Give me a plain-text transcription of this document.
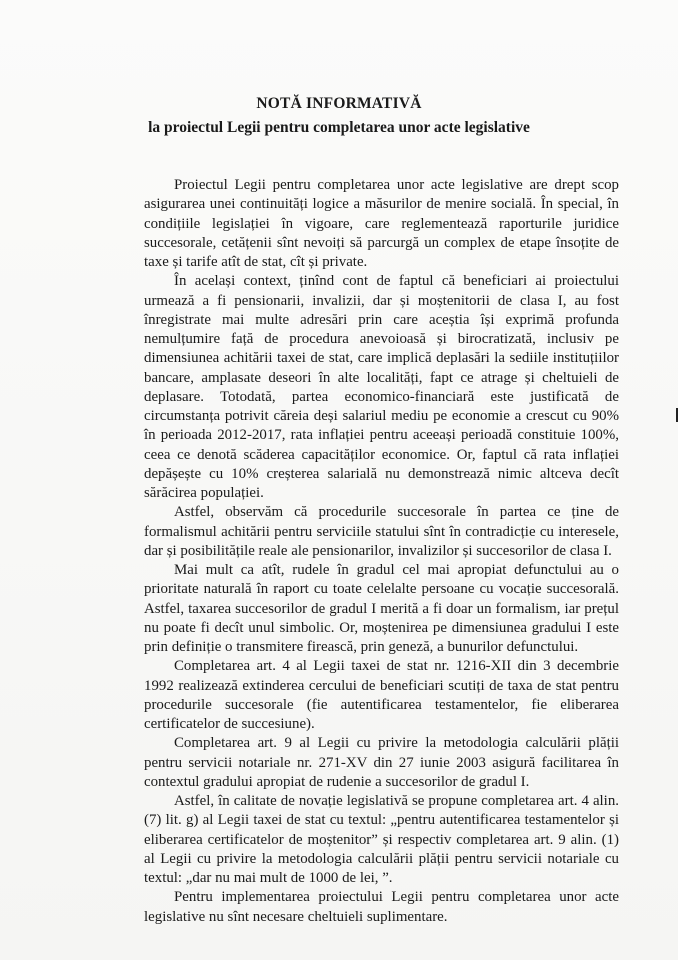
NOTĂ INFORMATIVĂ
la proiectul Legii pentru completarea unor acte legislative

Proiectul Legii pentru completarea unor acte legislative are drept scop asigurarea unei continuități logice a măsurilor de menire socială. În special, în condițiile legislației în vigoare, care reglementează raporturile juridice succesorale, cetățenii sînt nevoiți să parcurgă un complex de etape însoțite de taxe și tarife atît de stat, cît și private.

În același context, ținînd cont de faptul că beneficiari ai proiectului urmează a fi pensionarii, invalizii, dar și moștenitorii de clasa I, au fost înregistrate mai multe adresări prin care aceștia își exprimă profunda nemulțumire față de procedura anevoioasă și birocratizată, inclusiv pe dimensiunea achitării taxei de stat, care implică deplasări la sediile instituțiilor bancare, amplasate deseori în alte localități, fapt ce atrage și cheltuieli de deplasare. Totodată, partea economico-financiară este justificată de circumstanța potrivit căreia deși salariul mediu pe economie a crescut cu 90% în perioada 2012-2017, rata inflației pentru aceeași perioadă constituie 100%, ceea ce denotă scăderea capacităților economice. Or, faptul că rata inflației depășește cu 10% creșterea salarială nu demonstrează nimic altceva decît sărăcirea populației.

Astfel, observăm că procedurile succesorale în partea ce ține de formalismul achitării pentru serviciile statului sînt în contradicție cu interesele, dar și posibilitățile reale ale pensionarilor, invalizilor și succesorilor de clasa I.

Mai mult ca atît, rudele în gradul cel mai apropiat defunctului au o prioritate naturală în raport cu toate celelalte persoane cu vocație succesorală. Astfel, taxarea succesorilor de gradul I merită a fi doar un formalism, iar prețul nu poate fi decît unul simbolic. Or, moștenirea pe dimensiunea gradului I este prin definiție o transmitere firească, prin geneză, a bunurilor defunctului.

Completarea art. 4 al Legii taxei de stat nr. 1216-XII din 3 decembrie 1992 realizează extinderea cercului de beneficiari scutiți de taxa de stat pentru procedurile succesorale (fie autentificarea testamentelor, fie eliberarea certificatelor de succesiune).

Completarea art. 9 al Legii cu privire la metodologia calculării plății pentru servicii notariale nr. 271-XV din 27 iunie 2003 asigură facilitarea în contextul gradului apropiat de rudenie a succesorilor de gradul I.

Astfel, în calitate de novație legislativă se propune completarea art. 4 alin. (7) lit. g) al Legii taxei de stat cu textul: „pentru autentificarea testamentelor și eliberarea certificatelor de moștenitor” și respectiv completarea art. 9 alin. (1) al Legii cu privire la metodologia calculării plății pentru servicii notariale cu textul: „dar nu mai mult de 1000 de lei, ”.

Pentru implementarea proiectului Legii pentru completarea unor acte legislative nu sînt necesare cheltuieli suplimentare.
